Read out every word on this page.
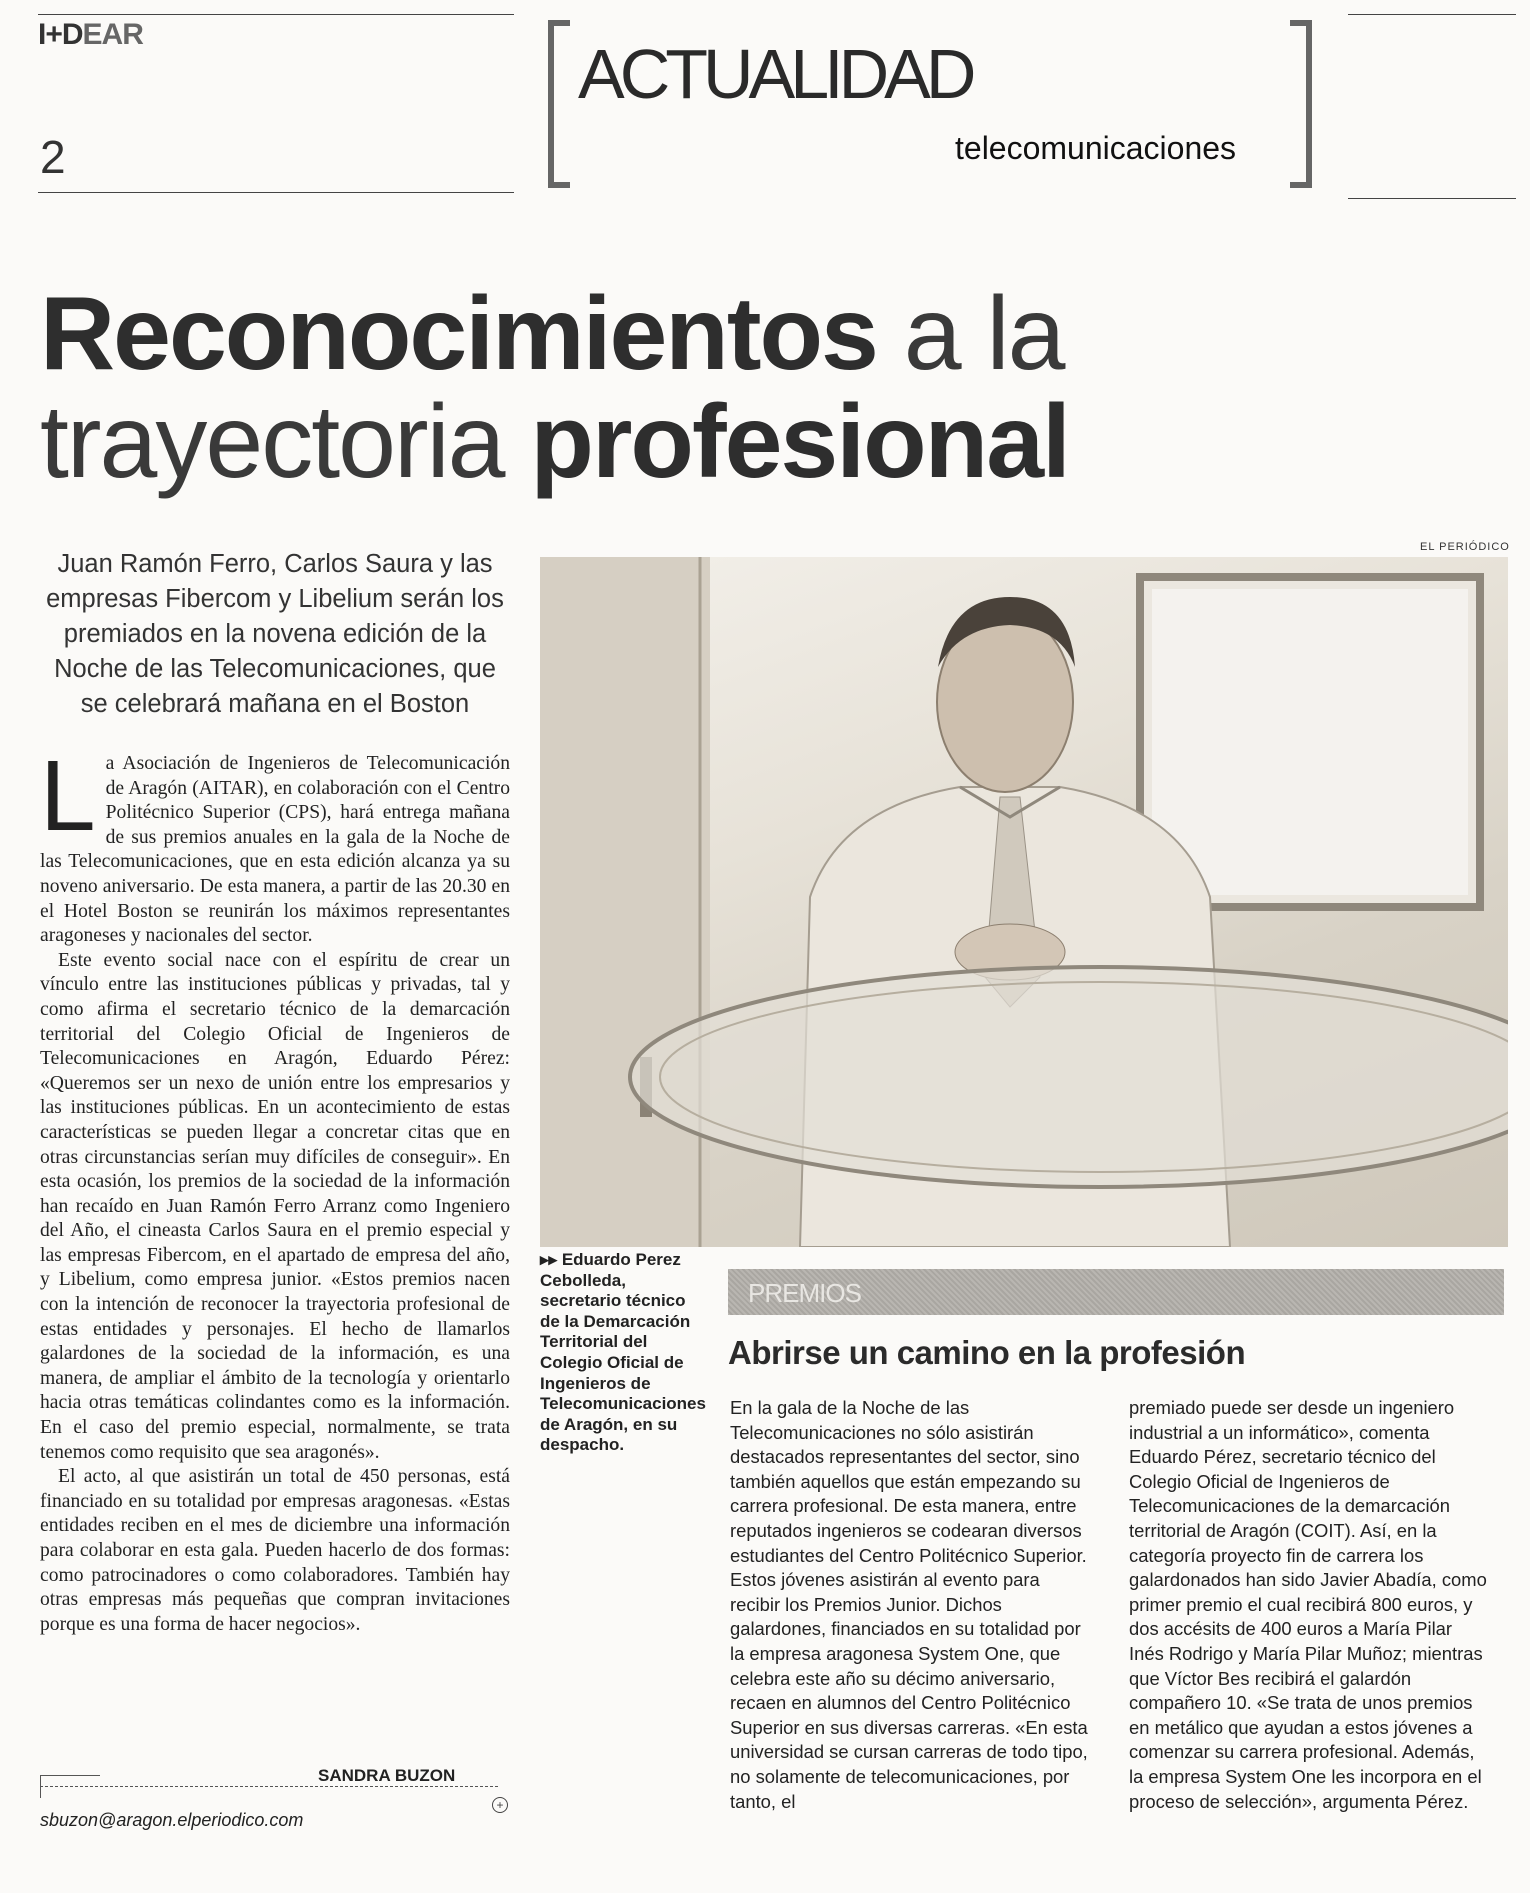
I+DEAR
2
ACTUALIDAD
telecomunicaciones
Reconocimientos a la
trayectoria profesional
EL PERIÓDICO
Juan Ramón Ferro, Carlos Saura y las empresas Fibercom y Libelium serán los premiados en la novena edición de la Noche de las Telecomunicaciones, que se celebrará mañana en el Boston

La Asociación de Ingenieros de Telecomunicación de Aragón (AITAR), en colaboración con el Centro Politécnico Superior (CPS), hará entrega mañana de sus premios anuales en la gala de la Noche de las Telecomunicaciones, que en esta edición alcanza ya su noveno aniversario. De esta manera, a partir de las 20.30 en el Hotel Boston se reunirán los máximos representantes aragoneses y nacionales del sector.

Este evento social nace con el espíritu de crear un vínculo entre las instituciones públicas y privadas, tal y como afirma el secretario técnico de la demarcación territorial del Colegio Oficial de Ingenieros de Telecomunicaciones en Aragón, Eduardo Pérez: «Queremos ser un nexo de unión entre los empresarios y las instituciones públicas. En un acontecimiento de estas características se pueden llegar a concretar citas que en otras circunstancias serían muy difíciles de conseguir». En esta ocasión, los premios de la sociedad de la información han recaído en Juan Ramón Ferro Arranz como Ingeniero del Año, el cineasta Carlos Saura en el premio especial y las empresas Fibercom, en el apartado de empresa del año, y Libelium, como empresa junior. «Estos premios nacen con la intención de reconocer la trayectoria profesional de estas entidades y personajes. El hecho de llamarlos galardones de la sociedad de la información, es una manera, de ampliar el ámbito de la tecnología y orientarlo hacia otras temáticas colindantes como es la información. En el caso del premio especial, normalmente, se trata tenemos como requisito que sea aragonés».

El acto, al que asistirán un total de 450 personas, está financiado en su totalidad por empresas aragonesas. «Estas entidades reciben en el mes de diciembre una información para colaborar en esta gala. Pueden hacerlo de dos formas: como patrocinadores o como colaboradores. También hay otras empresas más pequeñas que compran invitaciones porque es una forma de hacer negocios».

SANDRA BUZON
+
sbuzon@aragon.elperiodico.com
▸▸ Eduardo Perez Cebolleda, secretario técnico de la Demarcación Territorial del Colegio Oficial de Ingenieros de Telecomunicaciones de Aragón, en su despacho.
PREMIOS
Abrirse un camino en la profesión

En la gala de la Noche de las Telecomunicaciones no sólo asistirán destacados representantes del sector, sino también aquellos que están empezando su carrera profesional. De esta manera, entre reputados ingenieros se codearan diversos estudiantes del Centro Politécnico Superior. Estos jóvenes asistirán al evento para recibir los Premios Junior. Dichos galardones, financiados en su totalidad por la empresa aragonesa System One, que celebra este año su décimo aniversario, recaen en alumnos del Centro Politécnico Superior en sus diversas carreras. «En esta universidad se cursan carreras de todo tipo, no solamente de telecomunicaciones, por tanto, el

premiado puede ser desde un ingeniero industrial a un informático», comenta Eduardo Pérez, secretario técnico del Colegio Oficial de Ingenieros de Telecomunicaciones de la demarcación territorial de Aragón (COIT). Así, en la categoría proyecto fin de carrera los galardonados han sido Javier Abadía, como primer premio el cual recibirá 800 euros, y dos accésits de 400 euros a María Pilar Inés Rodrigo y María Pilar Muñoz; mientras que Víctor Bes recibirá el galardón compañero 10. «Se trata de unos premios en metálico que ayudan a estos jóvenes a comenzar su carrera profesional. Además, la empresa System One les incorpora en el proceso de selección», argumenta Pérez.
